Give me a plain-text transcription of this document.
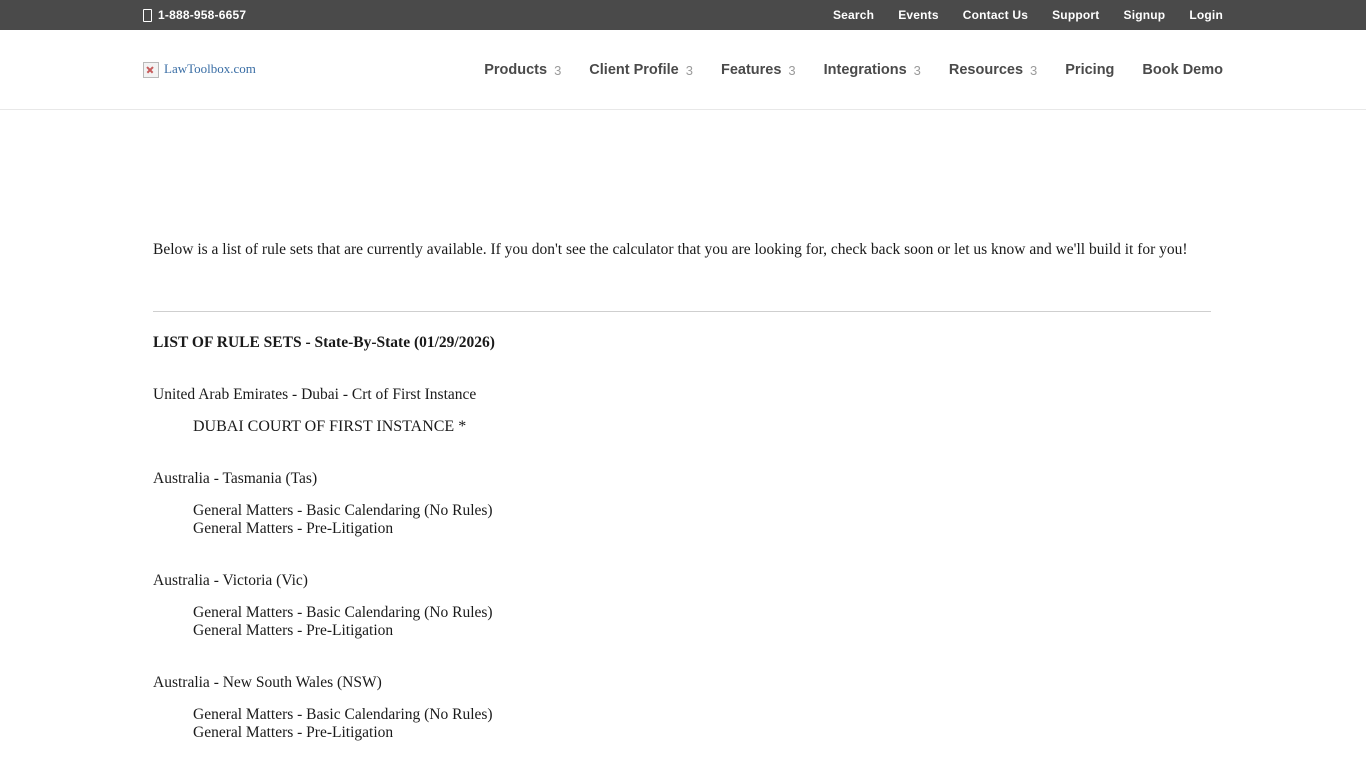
1-888-958-6657	Search Events Contact Us Support Signup Login
LawToolbox.com	Products 3 Client Profile 3 Features 3 Integrations 3 Resources 3 Pricing Book Demo

Below is a list of rule sets that are currently available. If you don't see the calculator that you are looking for, check back soon or let us know and we'll build it for you!

LIST OF RULE SETS - State-By-State (01/29/2026)
United Arab Emirates - Dubai - Crt of First Instance
DUBAI COURT OF FIRST INSTANCE *
Australia - Tasmania (Tas)
General Matters - Basic Calendaring (No Rules)
General Matters - Pre-Litigation
Australia - Victoria (Vic)
General Matters - Basic Calendaring (No Rules)
General Matters - Pre-Litigation
Australia - New South Wales (NSW)
General Matters - Basic Calendaring (No Rules)
General Matters - Pre-Litigation
